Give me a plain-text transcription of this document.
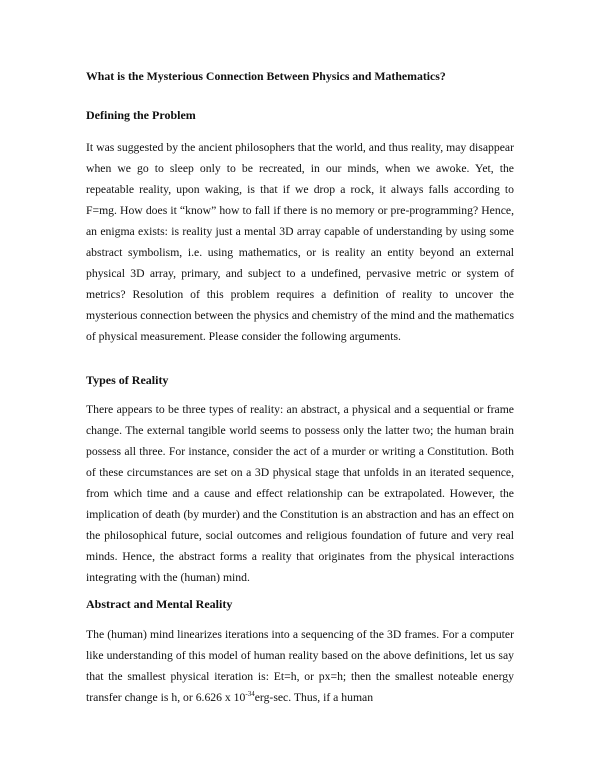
What is the Mysterious Connection Between Physics and Mathematics?

Defining the Problem

It was suggested by the ancient philosophers that the world, and thus reality, may disappear when we go to sleep only to be recreated, in our minds, when we awoke. Yet, the repeatable reality, upon waking, is that if we drop a rock, it always falls according to F=mg. How does it “know” how to fall if there is no memory or pre-programming? Hence, an enigma exists: is reality just a mental 3D array capable of understanding by using some abstract symbolism, i.e. using mathematics, or is reality an entity beyond an external physical 3D array, primary, and subject to a undefined, pervasive metric or system of metrics? Resolution of this problem requires a definition of reality to uncover the mysterious connection between the physics and chemistry of the mind and the mathematics of physical measurement. Please consider the following arguments.

Types of Reality

There appears to be three types of reality: an abstract, a physical and a sequential or frame change. The external tangible world seems to possess only the latter two; the human brain possess all three. For instance, consider the act of a murder or writing a Constitution. Both of these circumstances are set on a 3D physical stage that unfolds in an iterated sequence, from which time and a cause and effect relationship can be extrapolated. However, the implication of death (by murder) and the Constitution is an abstraction and has an effect on the philosophical future, social outcomes and religious foundation of future and very real minds. Hence, the abstract forms a reality that originates from the physical interactions integrating with the (human) mind.

Abstract and Mental Reality

The (human) mind linearizes iterations into a sequencing of the 3D frames. For a computer like understanding of this model of human reality based on the above definitions, let us say that the smallest physical iteration is: Et=h, or px=h; then the smallest noteable energy transfer change is h, or 6.626 x $10^{-34}erg-\sec$. Thus, if a human
